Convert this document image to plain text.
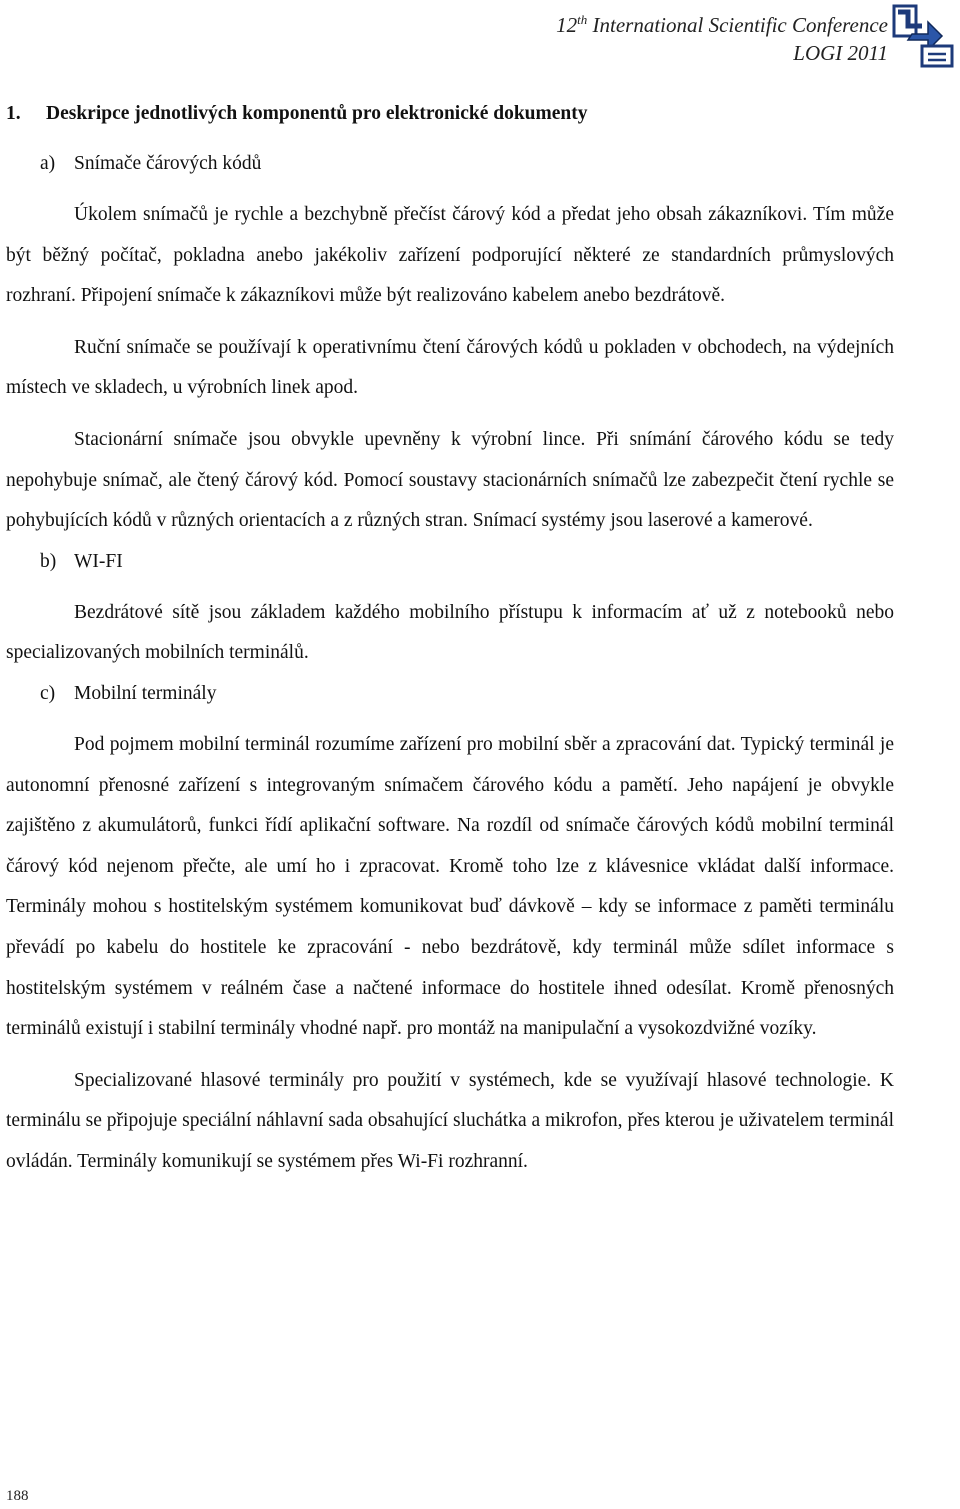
12th International Scientific Conference
LOGI 2011
1. Deskripce jednotlivých komponentů pro elektronické dokumenty
a) Snímače čárových kódů

Úkolem snímačů je rychle a bezchybně přečíst čárový kód a předat jeho obsah zákazníkovi. Tím může být běžný počítač, pokladna anebo jakékoliv zařízení podporující některé ze standardních průmyslových rozhraní. Připojení snímače k zákazníkovi může být realizováno kabelem anebo bezdrátově.

Ruční snímače se používají k operativnímu čtení čárových kódů u pokladen v obchodech, na výdejních místech ve skladech, u výrobních linek apod.

Stacionární snímače jsou obvykle upevněny k výrobní lince. Při snímání čárového kódu se tedy nepohybuje snímač, ale čtený čárový kód. Pomocí soustavy stacionárních snímačů lze zabezpečit čtení rychle se pohybujících kódů v různých orientacích a z různých stran. Snímací systémy jsou laserové a kamerové.

b) WI-FI

Bezdrátové sítě jsou základem každého mobilního přístupu k informacím ať už z notebooků nebo specializovaných mobilních terminálů.

c) Mobilní terminály

Pod pojmem mobilní terminál rozumíme zařízení pro mobilní sběr a zpracování dat. Typický terminál je autonomní přenosné zařízení s integrovaným snímačem čárového kódu a pamětí. Jeho napájení je obvykle zajištěno z akumulátorů, funkci řídí aplikační software. Na rozdíl od snímače čárových kódů mobilní terminál čárový kód nejenom přečte, ale umí ho i zpracovat. Kromě toho lze z klávesnice vkládat další informace. Terminály mohou s hostitelským systémem komunikovat buď dávkově – kdy se informace z paměti terminálu převádí po kabelu do hostitele ke zpracování - nebo bezdrátově, kdy terminál může sdílet informace s hostitelským systémem v reálném čase a načtené informace do hostitele ihned odesílat. Kromě přenosných terminálů existují i stabilní terminály vhodné např. pro montáž na manipulační a vysokozdvižné vozíky.

Specializované hlasové terminály pro použití v systémech, kde se využívají hlasové technologie. K terminálu se připojuje speciální náhlavní sada obsahující sluchátka a mikrofon, přes kterou je uživatelem terminál ovládán. Terminály komunikují se systémem přes Wi-Fi rozhranní.

188
